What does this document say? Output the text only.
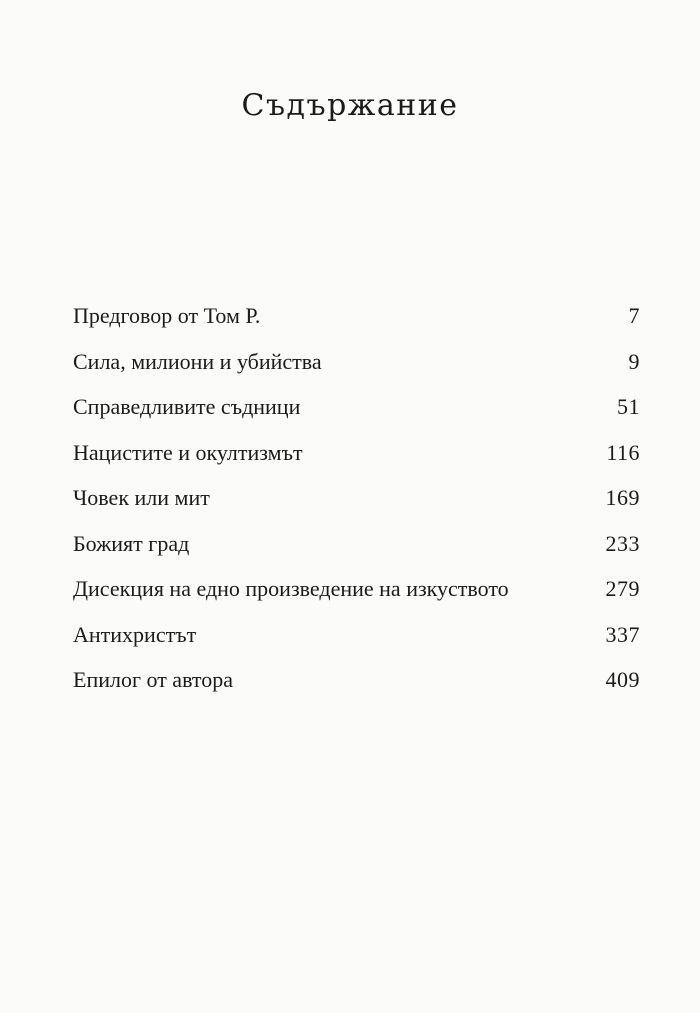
Съдържание
Предговор от Том Р.	7
Сила, милиони и убийства	9
Справедливите съдници	51
Нацистите и окултизмът	116
Човек или мит	169
Божият град	233
Дисекция на едно произведение на изкуството	279
Антихристът	337
Епилог от автора	409
